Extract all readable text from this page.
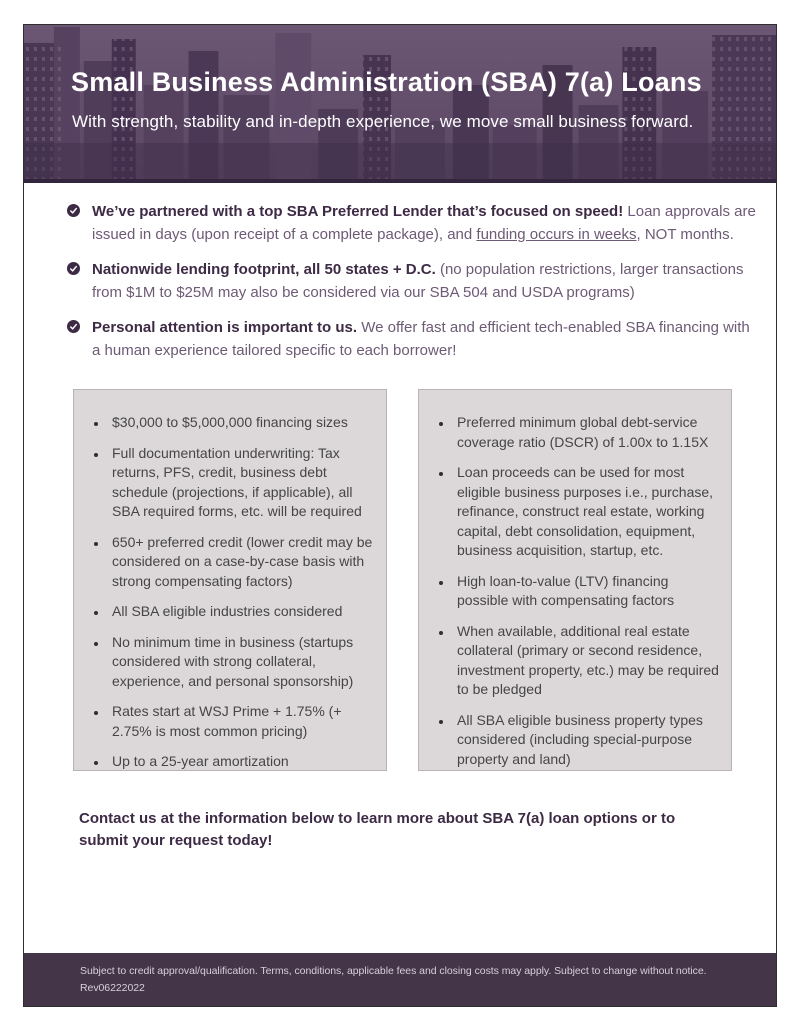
Small Business Administration (SBA) 7(a) Loans

With strength, stability and in-depth experience, we move small business forward.

We’ve partnered with a top SBA Preferred Lender that’s focused on speed! Loan approvals are issued in days (upon receipt of a complete package), and funding occurs in weeks, NOT months.

Nationwide lending footprint, all 50 states + D.C. (no population restrictions, larger transactions from $1M to $25M may also be considered via our SBA 504 and USDA programs)

Personal attention is important to us. We offer fast and efficient tech-enabled SBA financing with a human experience tailored specific to each borrower!

• $30,000 to $5,000,000 financing sizes
• Full documentation underwriting: Tax returns, PFS, credit, business debt schedule (projections, if applicable), all SBA required forms, etc. will be required
• 650+ preferred credit (lower credit may be considered on a case-by-case basis with strong compensating factors)
• All SBA eligible industries considered
• No minimum time in business (startups considered with strong collateral, experience, and personal sponsorship)
• Rates start at WSJ Prime + 1.75% (+ 2.75% is most common pricing)
• Up to a 25-year amortization
• Preferred minimum global debt-service coverage ratio (DSCR) of 1.00x to 1.15X
• Loan proceeds can be used for most eligible business purposes i.e., purchase, refinance, construct real estate, working capital, debt consolidation, equipment, business acquisition, startup, etc.
• High loan-to-value (LTV) financing possible with compensating factors
• When available, additional real estate collateral (primary or second residence, investment property, etc.) may be required to be pledged
• All SBA eligible business property types considered (including special-purpose property and land)

Contact us at the information below to learn more about SBA 7(a) loan options or to submit your request today!

Subject to credit approval/qualification. Terms, conditions, applicable fees and closing costs may apply. Subject to change without notice.

Rev06222022
